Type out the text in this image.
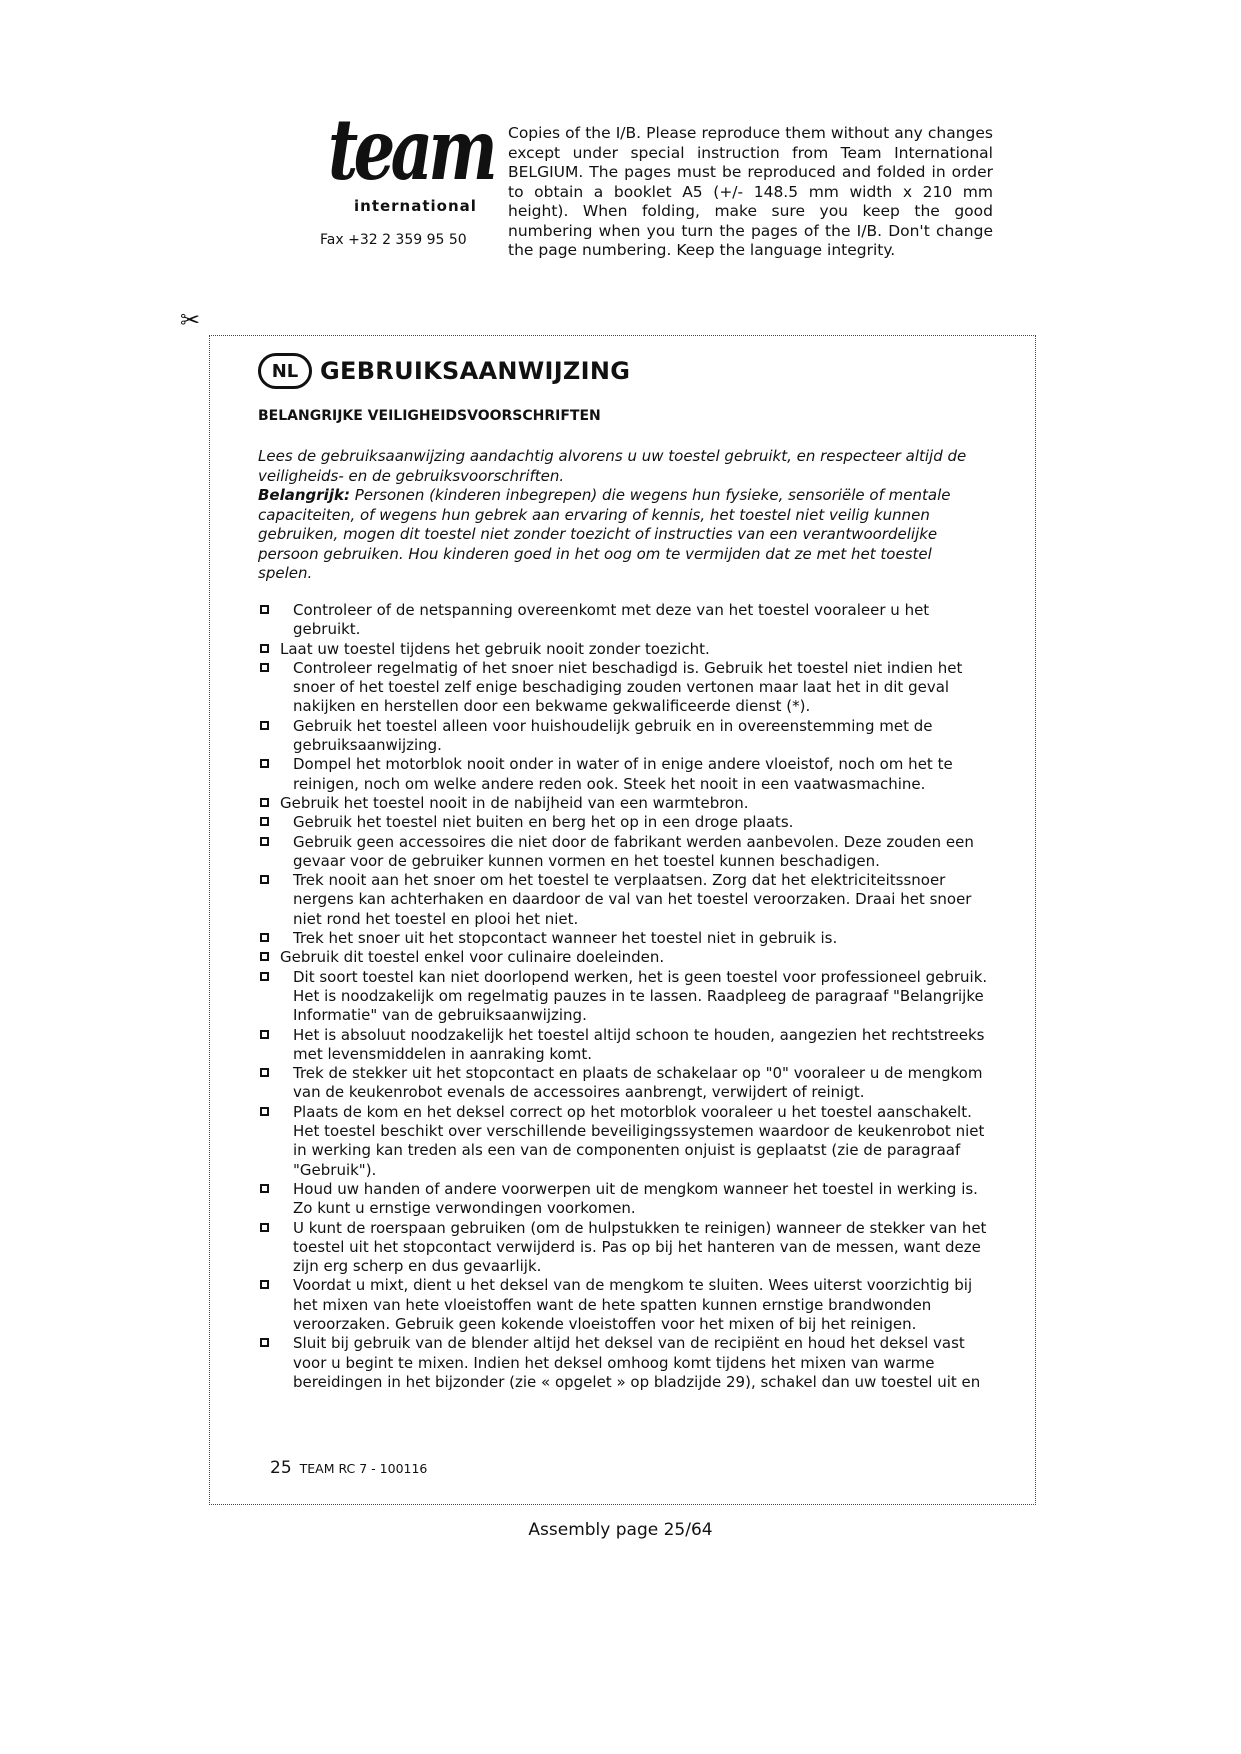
team
international
Fax +32 2 359 95 50
Copies of the I/B. Please reproduce them without any changes except under special instruction from Team International BELGIUM. The pages must be reproduced and folded in order to obtain a booklet A5 (+/- 148.5 mm width x 210 mm height). When folding, make sure you keep the good numbering when you turn the pages of the I/B. Don't change the page numbering. Keep the language integrity.
✂
NL GEBRUIKSAANWIJZING
BELANGRIJKE VEILIGHEIDSVOORSCHRIFTEN

Lees de gebruiksaanwijzing aandachtig alvorens u uw toestel gebruikt, en respecteer altijd de veiligheids- en de gebruiksvoorschriften.

Belangrijk: Personen (kinderen inbegrepen) die wegens hun fysieke, sensoriële of mentale capaciteiten, of wegens hun gebrek aan ervaring of kennis, het toestel niet veilig kunnen gebruiken, mogen dit toestel niet zonder toezicht of instructies van een verantwoordelijke persoon gebruiken. Hou kinderen goed in het oog om te vermijden dat ze met het toestel spelen.

Controleer of de netspanning overeenkomt met deze van het toestel vooraleer u het gebruikt.
Laat uw toestel tijdens het gebruik nooit zonder toezicht.
Controleer regelmatig of het snoer niet beschadigd is. Gebruik het toestel niet indien het snoer of het toestel zelf enige beschadiging zouden vertonen maar laat het in dit geval nakijken en herstellen door een bekwame gekwalificeerde dienst (*).
Gebruik het toestel alleen voor huishoudelijk gebruik en in overeenstemming met de gebruiksaanwijzing.
Dompel het motorblok nooit onder in water of in enige andere vloeistof, noch om het te reinigen, noch om welke andere reden ook. Steek het nooit in een vaatwasmachine.
Gebruik het toestel nooit in de nabijheid van een warmtebron.
Gebruik het toestel niet buiten en berg het op in een droge plaats.
Gebruik geen accessoires die niet door de fabrikant werden aanbevolen. Deze zouden een gevaar voor de gebruiker kunnen vormen en het toestel kunnen beschadigen.
Trek nooit aan het snoer om het toestel te verplaatsen. Zorg dat het elektriciteitssnoer nergens kan achterhaken en daardoor de val van het toestel veroorzaken. Draai het snoer niet rond het toestel en plooi het niet.
Trek het snoer uit het stopcontact wanneer het toestel niet in gebruik is.
Gebruik dit toestel enkel voor culinaire doeleinden.
Dit soort toestel kan niet doorlopend werken, het is geen toestel voor professioneel gebruik. Het is noodzakelijk om regelmatig pauzes in te lassen. Raadpleeg de paragraaf "Belangrijke Informatie" van de gebruiksaanwijzing.
Het is absoluut noodzakelijk het toestel altijd schoon te houden, aangezien het rechtstreeks met levensmiddelen in aanraking komt.
Trek de stekker uit het stopcontact en plaats de schakelaar op "0" vooraleer u de mengkom van de keukenrobot evenals de accessoires aanbrengt, verwijdert of reinigt.
Plaats de kom en het deksel correct op het motorblok vooraleer u het toestel aanschakelt. Het toestel beschikt over verschillende beveiligingssystemen waardoor de keukenrobot niet in werking kan treden als een van de componenten onjuist is geplaatst (zie de paragraaf "Gebruik").
Houd uw handen of andere voorwerpen uit de mengkom wanneer het toestel in werking is. Zo kunt u ernstige verwondingen voorkomen.
U kunt de roerspaan gebruiken (om de hulpstukken te reinigen) wanneer de stekker van het toestel uit het stopcontact verwijderd is. Pas op bij het hanteren van de messen, want deze zijn erg scherp en dus gevaarlijk.
Voordat u mixt, dient u het deksel van de mengkom te sluiten. Wees uiterst voorzichtig bij het mixen van hete vloeistoffen want de hete spatten kunnen ernstige brandwonden veroorzaken. Gebruik geen kokende vloeistoffen voor het mixen of bij het reinigen.
Sluit bij gebruik van de blender altijd het deksel van de recipiënt en houd het deksel vast voor u begint te mixen. Indien het deksel omhoog komt tijdens het mixen van warme bereidingen in het bijzonder (zie « opgelet » op bladzijde 29), schakel dan uw toestel uit en
25 TEAM RC 7 - 100116
Assembly page 25/64
